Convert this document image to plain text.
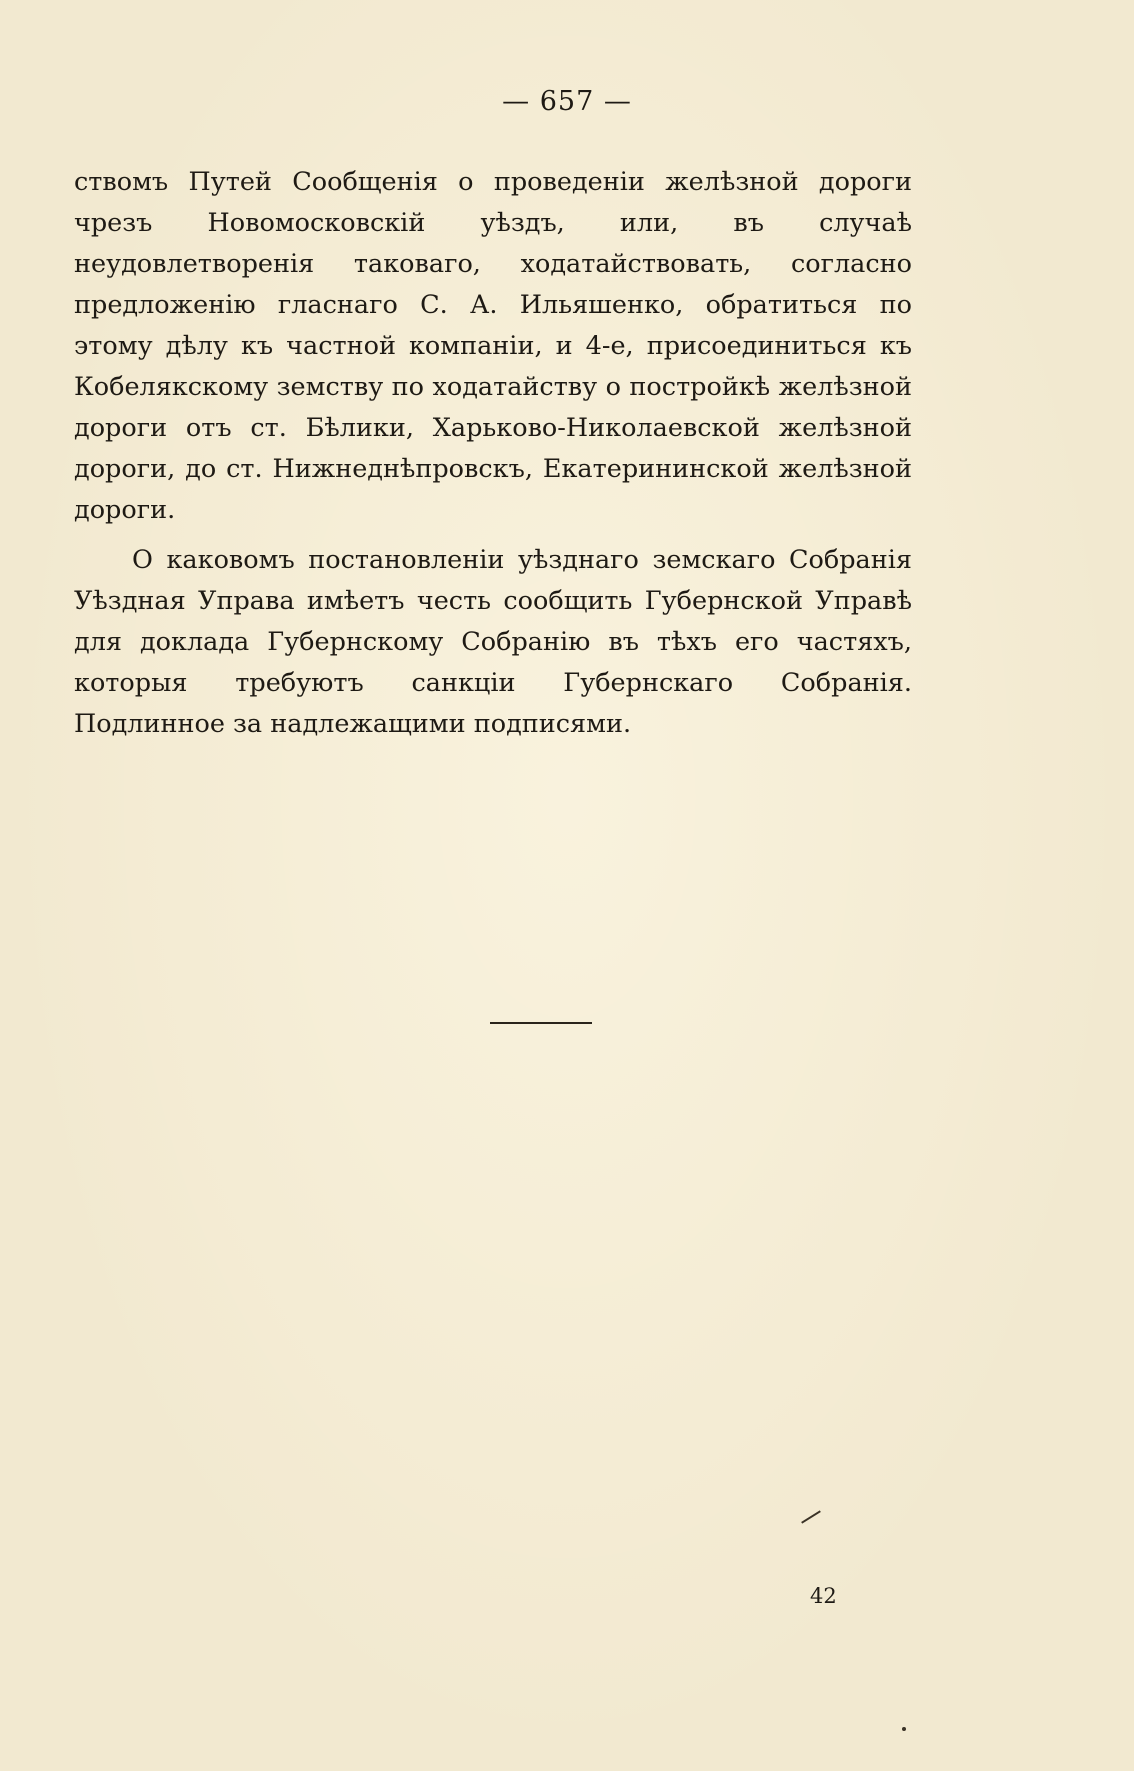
— 657 —

ствомъ Путей Сообщенія о проведеніи желѣзной дороги чрезъ Новомосковскій уѣздъ, или, въ случаѣ неудовлетворенія таковаго, ходатайствовать, согласно предложенію гласнаго С. А. Ильяшенко, обратиться по этому дѣлу къ частной компаніи, и 4-е, присоединиться къ Кобелякскому земству по ходатайству о постройкѣ желѣзной дороги отъ ст. Бѣлики, Харьково-Николаевской желѣзной дороги, до ст. Нижнеднѣпровскъ, Екатерининской желѣзной дороги.

О каковомъ постановленіи уѣзднаго земскаго Собранія Уѣздная Управа имѣетъ честь сообщить Губернской Управѣ для доклада Губернскому Собранію въ тѣхъ его частяхъ, которыя требуютъ санкціи Губернскаго Собранія. Подлинное за надлежащими подписями.

42
